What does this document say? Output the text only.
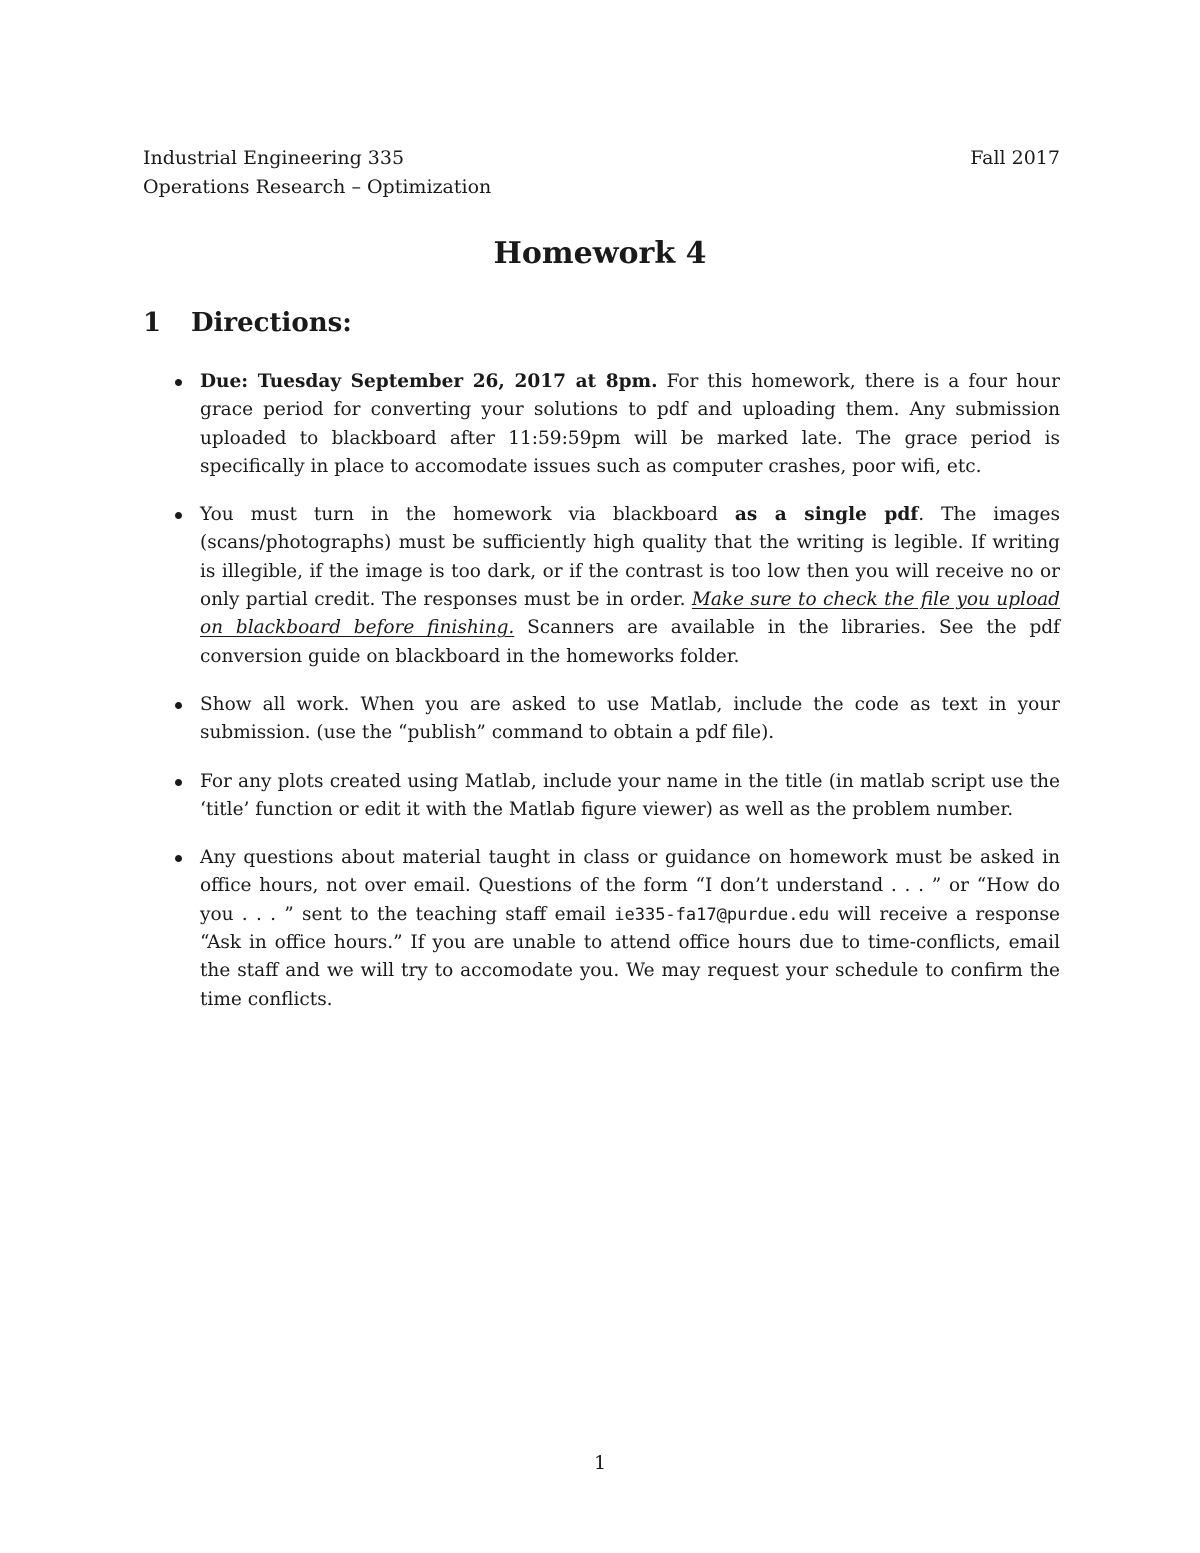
Industrial Engineering 335
Operations Research – Optimization
Fall 2017
Homework 4
1 Directions:
Due: Tuesday September 26, 2017 at 8pm. For this homework, there is a four hour grace period for converting your solutions to pdf and uploading them. Any submission uploaded to blackboard after 11:59:59pm will be marked late. The grace period is specifically in place to accomodate issues such as computer crashes, poor wifi, etc.
You must turn in the homework via blackboard as a single pdf. The images (scans/photographs) must be sufficiently high quality that the writing is legible. If writing is illegible, if the image is too dark, or if the contrast is too low then you will receive no or only partial credit. The responses must be in order. Make sure to check the file you upload on blackboard before finishing. Scanners are available in the libraries. See the pdf conversion guide on blackboard in the homeworks folder.
Show all work. When you are asked to use Matlab, include the code as text in your submission. (use the “publish” command to obtain a pdf file).
For any plots created using Matlab, include your name in the title (in matlab script use the ‘title’ function or edit it with the Matlab figure viewer) as well as the problem number.
Any questions about material taught in class or guidance on homework must be asked in office hours, not over email. Questions of the form “I don’t understand . . . ” or “How do you . . . ” sent to the teaching staff email ie335-fa17@purdue.edu will receive a response “Ask in office hours.” If you are unable to attend office hours due to time-conflicts, email the staff and we will try to accomodate you. We may request your schedule to confirm the time conflicts.
1
